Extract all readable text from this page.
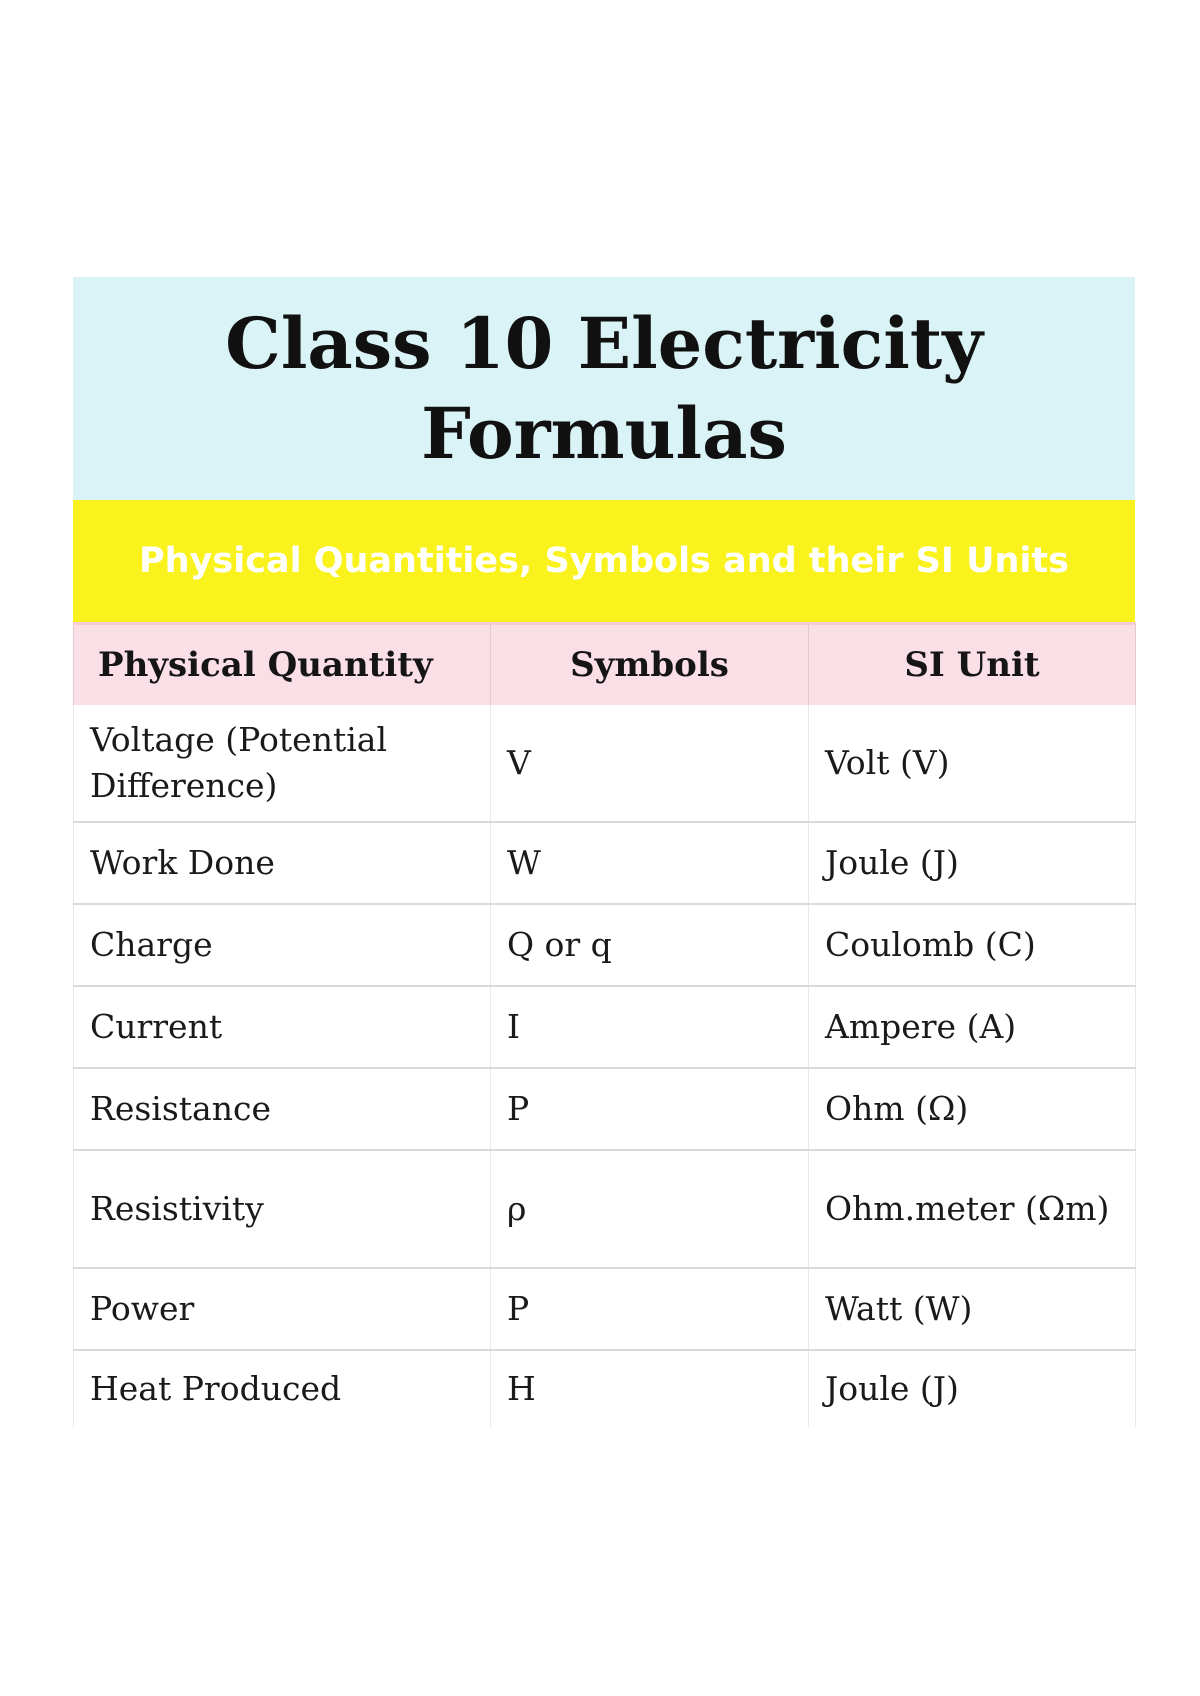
Class 10 Electricity Formulas

Physical Quantities, Symbols and their SI Units

Physical Quantity	Symbols	SI Unit
Voltage (Potential Difference)	V	Volt (V)
Work Done	W	Joule (J)
Charge	Q or q	Coulomb (C)
Current	I	Ampere (A)
Resistance	P	Ohm (Ω)
Resistivity	ρ	Ohm.meter (Ωm)
Power	P	Watt (W)
Heat Produced	H	Joule (J)
